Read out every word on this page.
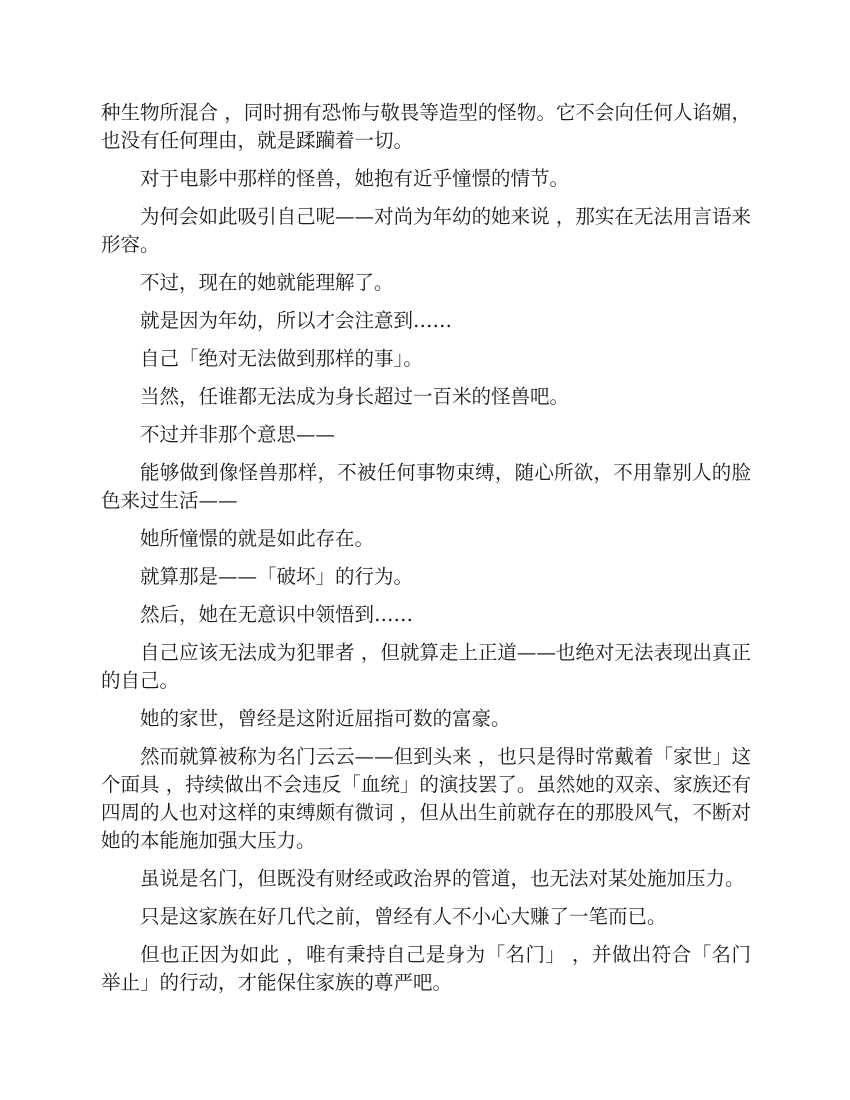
种生物所混合 ，同时拥有恐怖与敬畏等造型的怪物。它不会向任何人谄媚，也没有任何理由，就是蹂躏着一切。

对于电影中那样的怪兽，她抱有近乎憧憬的情节。

为何会如此吸引自己呢——对尚为年幼的她来说 ，那实在无法用言语来形容。

不过，现在的她就能理解了。

就是因为年幼，所以才会注意到……

自己「绝对无法做到那样的事」。

当然，任谁都无法成为身长超过一百米的怪兽吧。

不过并非那个意思——

能够做到像怪兽那样，不被任何事物束缚，随心所欲，不用靠别人的脸色来过生活——

她所憧憬的就是如此存在。

就算那是——「破坏」的行为。

然后，她在无意识中领悟到……

自己应该无法成为犯罪者 ，但就算走上正道——也绝对无法表现出真正的自己。

她的家世，曾经是这附近屈指可数的富豪。

然而就算被称为名门云云——但到头来 ，也只是得时常戴着「家世」这个面具 ，持续做出不会违反「血统」的演技罢了。虽然她的双亲、家族还有四周的人也对这样的束缚颇有微词 ，但从出生前就存在的那股风气，不断对她的本能施加强大压力。

虽说是名门，但既没有财经或政治界的管道，也无法对某处施加压力。

只是这家族在好几代之前，曾经有人不小心大赚了一笔而已。

但也正因为如此 ，唯有秉持自己是身为「名门」 ，并做出符合「名门举止」的行动，才能保住家族的尊严吧。
